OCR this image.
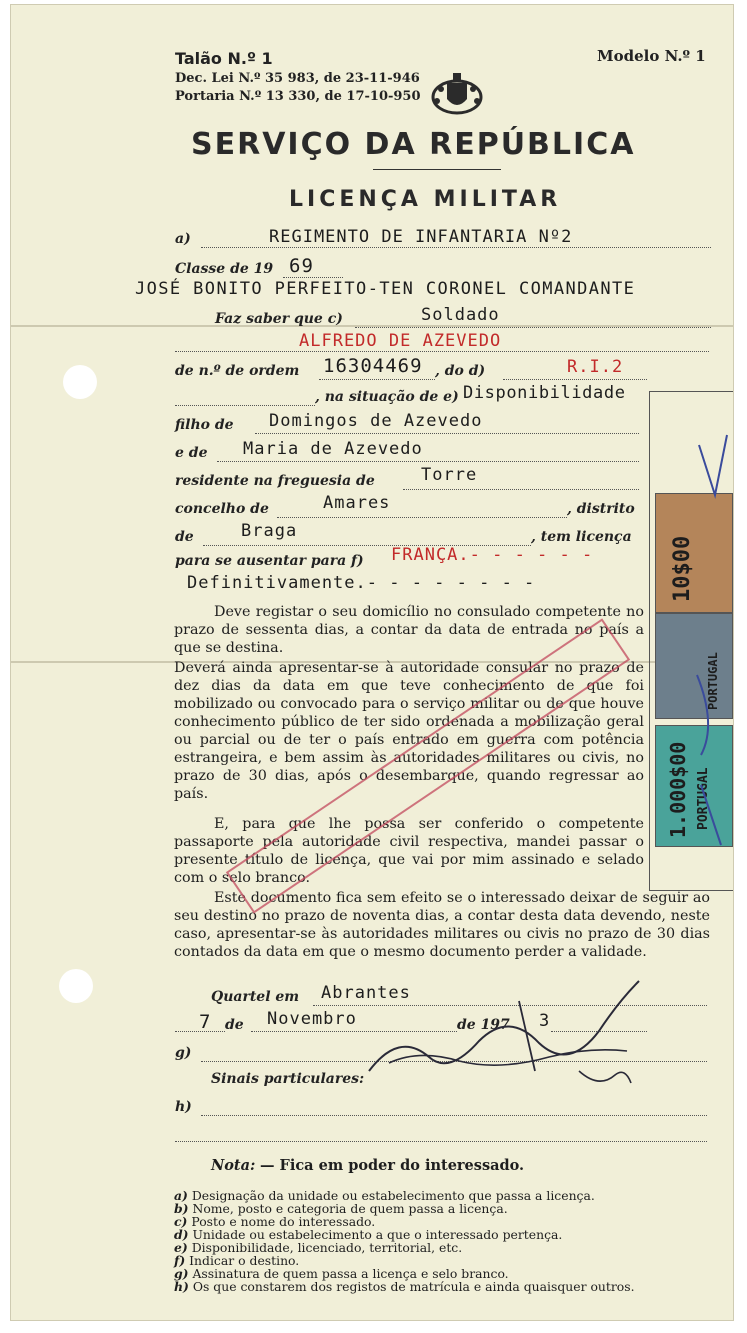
Talão N.º 1	Modelo N.º 1
Dec. Lei N.º 35 983, de 23-11-946
Portaria N.º 13 330, de 17-10-950
SERVIÇO DA REPÚBLICA
LICENÇA MILITAR
a)	REGIMENTO DE INFANTARIA Nº2
Classe de 19 69
JOSÉ BONITO PERFEITO-TEN CORONEL COMANDANTE
Faz saber que c)	Soldado
ALFREDO DE AZEVEDO
de n.º de ordem 16304469 , do d)	R.I.2
, na situação de e) Disponibilidade
filho de Domingos de Azevedo
e de Maria de Azevedo
residente na freguesia de	Torre
concelho de	Amares	, distrito
de	Braga	, tem licença
para se ausentar para f) FRANÇA.- - - - - -
Definitivamente.- - - - - - - -
Deve registar o seu domicílio no consulado competente no prazo de sessenta dias, a contar da data de entrada no país a que se destina.
Deverá ainda apresentar-se à autoridade consular no prazo de dez dias da data em que teve conhecimento de que foi mobilizado ou convocado para o serviço militar ou de que houve conhecimento público de ter sido ordenada a mobilização geral ou parcial ou de ter o país entrado em guerra com potência estrangeira, e bem assim às autoridades militares ou civis, no prazo de 30 dias, após o desembarque, quando regressar ao país.
E, para que lhe possa ser conferido o competente passaporte pela autoridade civil respectiva, mandei passar o presente título de licença, que vai por mim assinado e selado com o selo branco.
Este documento fica sem efeito se o interessado deixar de seguir ao seu destino no prazo de noventa dias, a contar desta data devendo, neste caso, apresentar-se às autoridades militares ou civis no prazo de 30 dias contados da data em que o mesmo documento perder a validade.
10$00
PORTUGAL
1.000$00 PORTUGAL
Quartel em Abrantes
7 de Novembro	de 197 3
g)
Sinais particulares:
h)
Nota: — Fica em poder do interessado.
a) Designação da unidade ou estabelecimento que passa a licença.
b) Nome, posto e categoria de quem passa a licença.
c) Posto e nome do interessado.
d) Unidade ou estabelecimento a que o interessado pertença.
e) Disponibilidade, licenciado, territorial, etc.
f) Indicar o destino.
g) Assinatura de quem passa a licença e selo branco.
h) Os que constarem dos registos de matrícula e ainda quaisquer outros.
